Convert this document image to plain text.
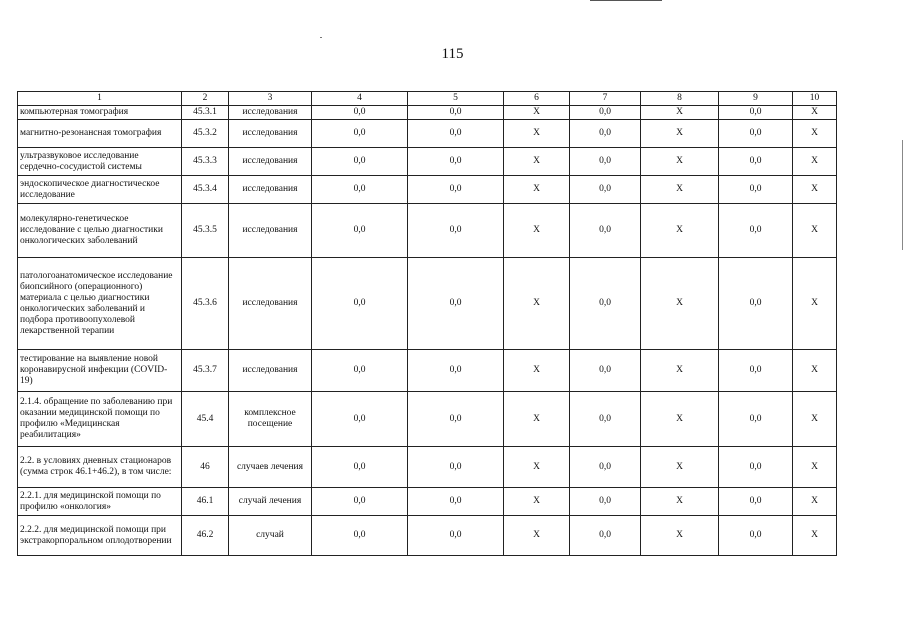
115
1	2	3	4	5	6	7	8	9	10
компьютерная томография	45.3.1	исследования	0,0	0,0	Х	0,0	Х	0,0	Х
магнитно-резонансная томография	45.3.2	исследования	0,0	0,0	Х	0,0	Х	0,0	Х
ультразвуковое исследование сердечно-сосудистой системы	45.3.3	исследования	0,0	0,0	Х	0,0	Х	0,0	Х
эндоскопическое диагностическое исследование	45.3.4	исследования	0,0	0,0	Х	0,0	Х	0,0	Х
молекулярно-генетическое исследование с целью диагностики онкологических заболеваний	45.3.5	исследования	0,0	0,0	Х	0,0	Х	0,0	Х
патологоанатомическое исследование биопсийного (операционного) материала с целью диагностики онкологических заболеваний и подбора противоопухолевой лекарственной терапии	45.3.6	исследования	0,0	0,0	Х	0,0	Х	0,0	Х
тестирование на выявление новой коронавирусной инфекции (COVID-19)	45.3.7	исследования	0,0	0,0	Х	0,0	Х	0,0	Х
2.1.4. обращение по заболеванию при оказании медицинской помощи по профилю «Медицинская реабилитация»	45.4	комплексное посещение	0,0	0,0	Х	0,0	Х	0,0	Х
2.2. в условиях дневных стационаров (сумма строк 46.1+46.2), в том числе:	46	случаев лечения	0,0	0,0	Х	0,0	Х	0,0	Х
2.2.1. для медицинской помощи по профилю «онкология»	46.1	случай лечения	0,0	0,0	Х	0,0	Х	0,0	Х
2.2.2. для медицинской помощи при экстракорпоральном оплодотворении	46.2	случай	0,0	0,0	Х	0,0	Х	0,0	Х
